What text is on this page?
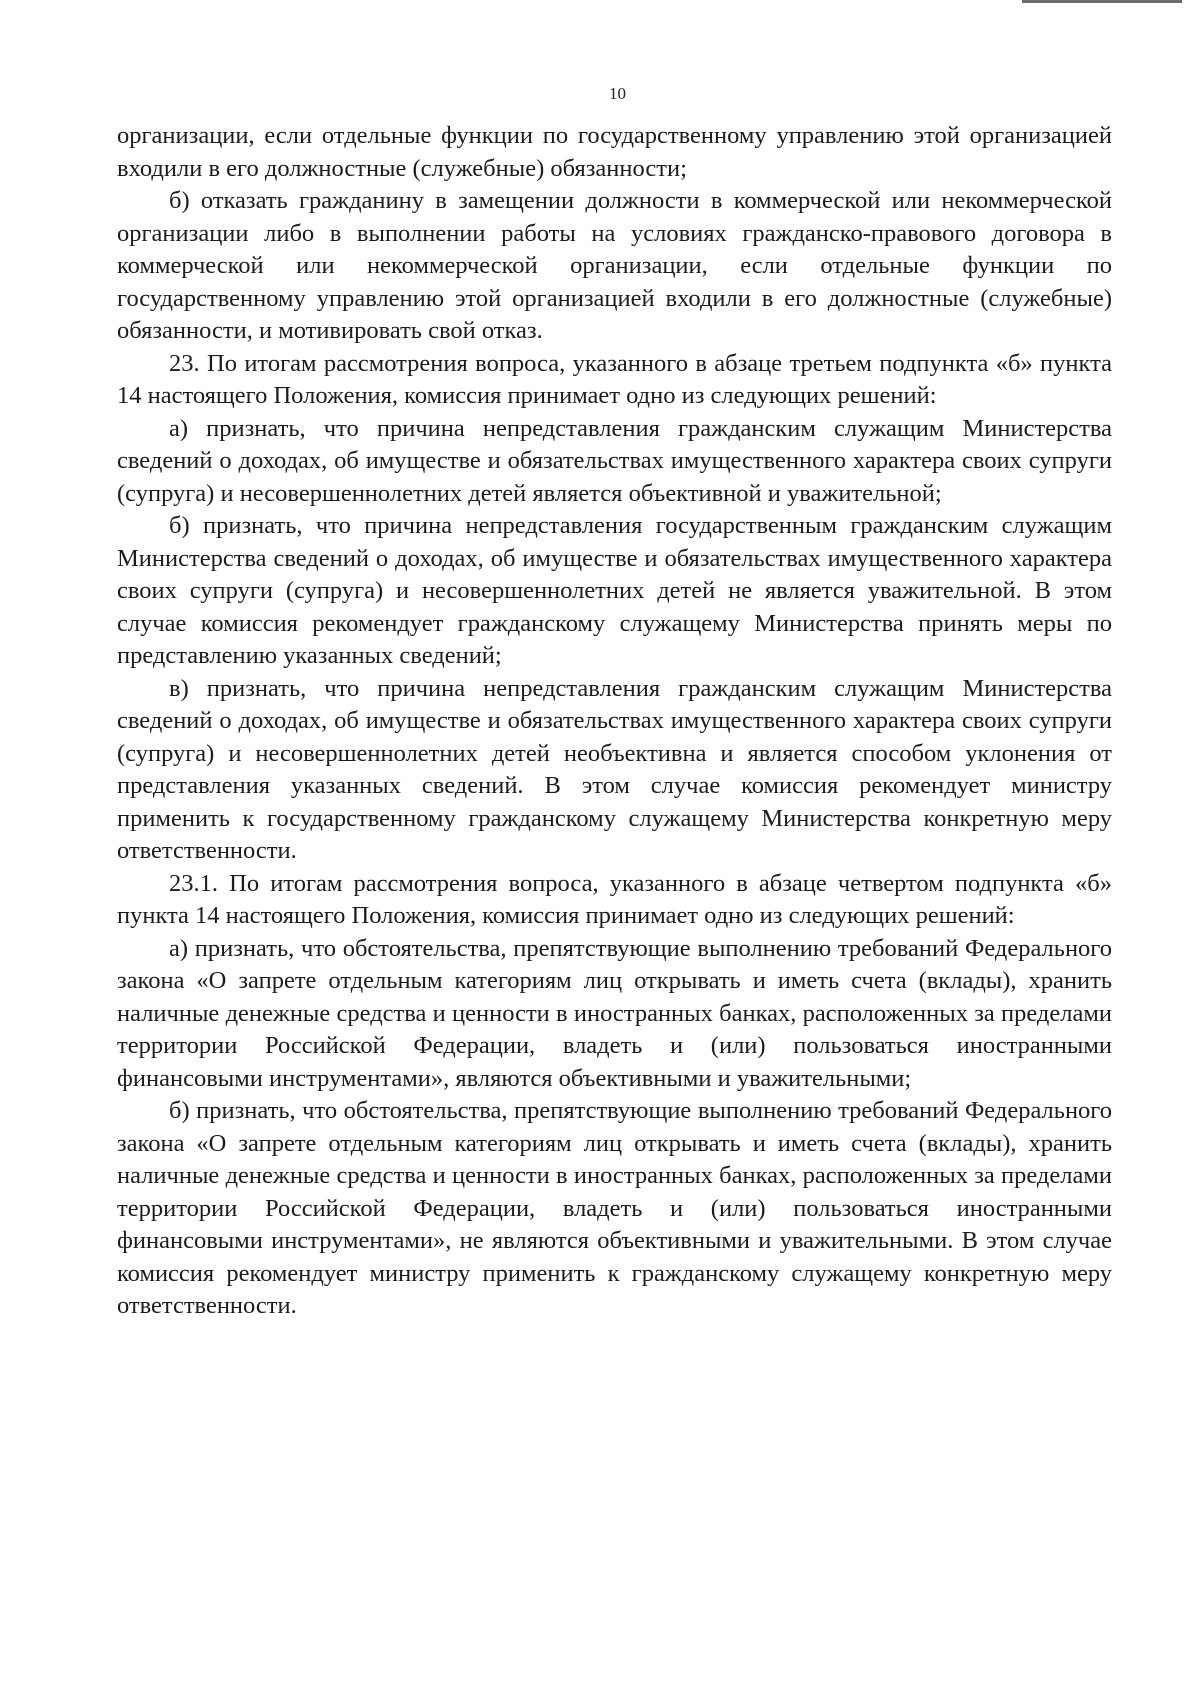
10

организации, если отдельные функции по государственному управлению этой организацией входили в его должностные (служебные) обязанности;

б) отказать гражданину в замещении должности в коммерческой или некоммерческой организации либо в выполнении работы на условиях гражданско-правового договора в коммерческой или некоммерческой организации, если отдельные функции по государственному управлению этой организацией входили в его должностные (служебные) обязанности, и мотивировать свой отказ.

23. По итогам рассмотрения вопроса, указанного в абзаце третьем подпункта «б» пункта 14 настоящего Положения, комиссия принимает одно из следующих решений:

а) признать, что причина непредставления гражданским служащим Министерства сведений о доходах, об имуществе и обязательствах имущественного характера своих супруги (супруга) и несовершеннолетних детей является объективной и уважительной;

б) признать, что причина непредставления государственным гражданским служащим Министерства сведений о доходах, об имуществе и обязательствах имущественного характера своих супруги (супруга) и несовершеннолетних детей не является уважительной. В этом случае комиссия рекомендует гражданскому служащему Министерства принять меры по представлению указанных сведений;

в) признать, что причина непредставления гражданским служащим Министерства сведений о доходах, об имуществе и обязательствах имущественного характера своих супруги (супруга) и несовершеннолетних детей необъективна и является способом уклонения от представления указанных сведений. В этом случае комиссия рекомендует министру применить к государственному гражданскому служащему Министерства конкретную меру ответственности.

23.1. По итогам рассмотрения вопроса, указанного в абзаце четвертом подпункта «б» пункта 14 настоящего Положения, комиссия принимает одно из следующих решений:

а) признать, что обстоятельства, препятствующие выполнению требований Федерального закона «О запрете отдельным категориям лиц открывать и иметь счета (вклады), хранить наличные денежные средства и ценности в иностранных банках, расположенных за пределами территории Российской Федерации, владеть и (или) пользоваться иностранными финансовыми инструментами», являются объективными и уважительными;

б) признать, что обстоятельства, препятствующие выполнению требований Федерального закона «О запрете отдельным категориям лиц открывать и иметь счета (вклады), хранить наличные денежные средства и ценности в иностранных банках, расположенных за пределами территории Российской Федерации, владеть и (или) пользоваться иностранными финансовыми инструментами», не являются объективными и уважительными. В этом случае комиссия рекомендует министру применить к гражданскому служащему конкретную меру ответственности.
